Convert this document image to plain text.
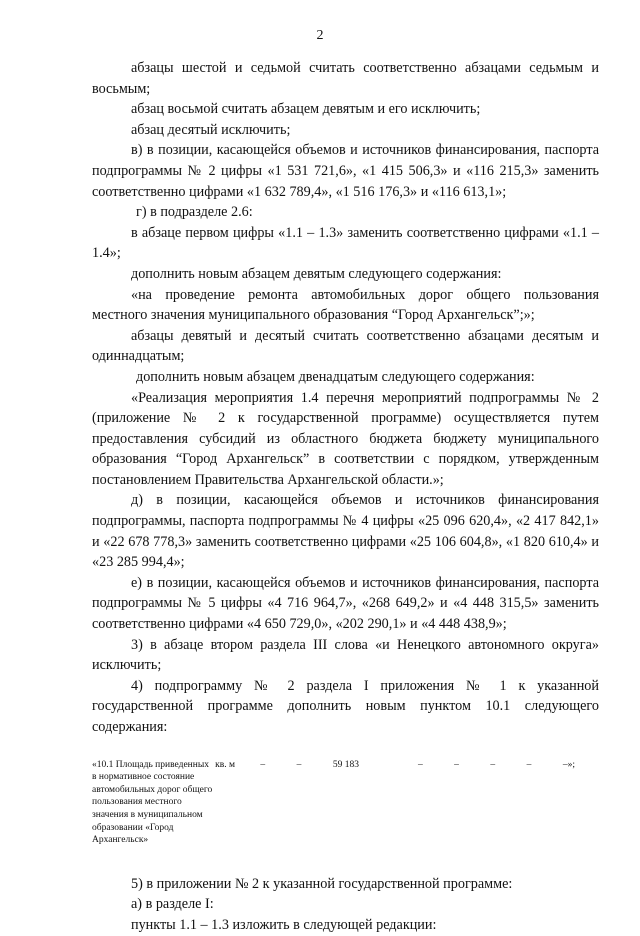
2

абзацы шестой и седьмой считать соответственно абзацами седьмым и восьмым;

абзац восьмой считать абзацем девятым и его исключить;

абзац десятый исключить;

в) в позиции, касающейся объемов и источников финансирования, паспорта подпрограммы № 2 цифры «1 531 721,6», «1 415 506,3» и «116 215,3» заменить соответственно цифрами «1 632 789,4», «1 516 176,3» и «116 613,1»;

г) в подразделе 2.6:

в абзаце первом цифры «1.1 – 1.3» заменить соответственно цифрами «1.1 – 1.4»;

дополнить новым абзацем девятым следующего содержания:

«на проведение ремонта автомобильных дорог общего пользования местного значения муниципального образования “Город Архангельск”;»;

абзацы девятый и десятый считать соответственно абзацами десятым и одиннадцатым;

дополнить новым абзацем двенадцатым следующего содержания:

«Реализация мероприятия 1.4 перечня мероприятий подпрограммы № 2 (приложение № 2 к государственной программе) осуществляется путем предоставления субсидий из областного бюджета бюджету муниципального образования “Город Архангельск” в соответствии с порядком, утвержденным постановлением Правительства Архангельской области.»;

д) в позиции, касающейся объемов и источников финансирования подпрограммы, паспорта подпрограммы № 4 цифры «25 096 620,4», «2 417 842,1» и «22 678 778,3» заменить соответственно цифрами «25 106 604,8», «1 820 610,4» и «23 285 994,4»;

е) в позиции, касающейся объемов и источников финансирования, паспорта подпрограммы № 5 цифры «4 716 964,7», «268 649,2» и «4 448 315,5» заменить соответственно цифрами «4 650 729,0», «202 290,1» и «4 448 438,9»;

3) в абзаце втором раздела III слова «и Ненецкого автономного округа» исключить;

4) подпрограмму № 2 раздела I приложения № 1 к указанной государственной программе дополнить новым пунктом 10.1 следующего содержания:

«10.1 Площадь приведенных в нормативное состояние автомобильных дорог общего пользования местного значения в муниципальном образовании «Город Архангельск»
кв. м	–	–	59 183	–	–	–	–	–»;

5) в приложении № 2 к указанной государственной программе:

а) в разделе I:

пункты 1.1 – 1.3 изложить в следующей редакции:
